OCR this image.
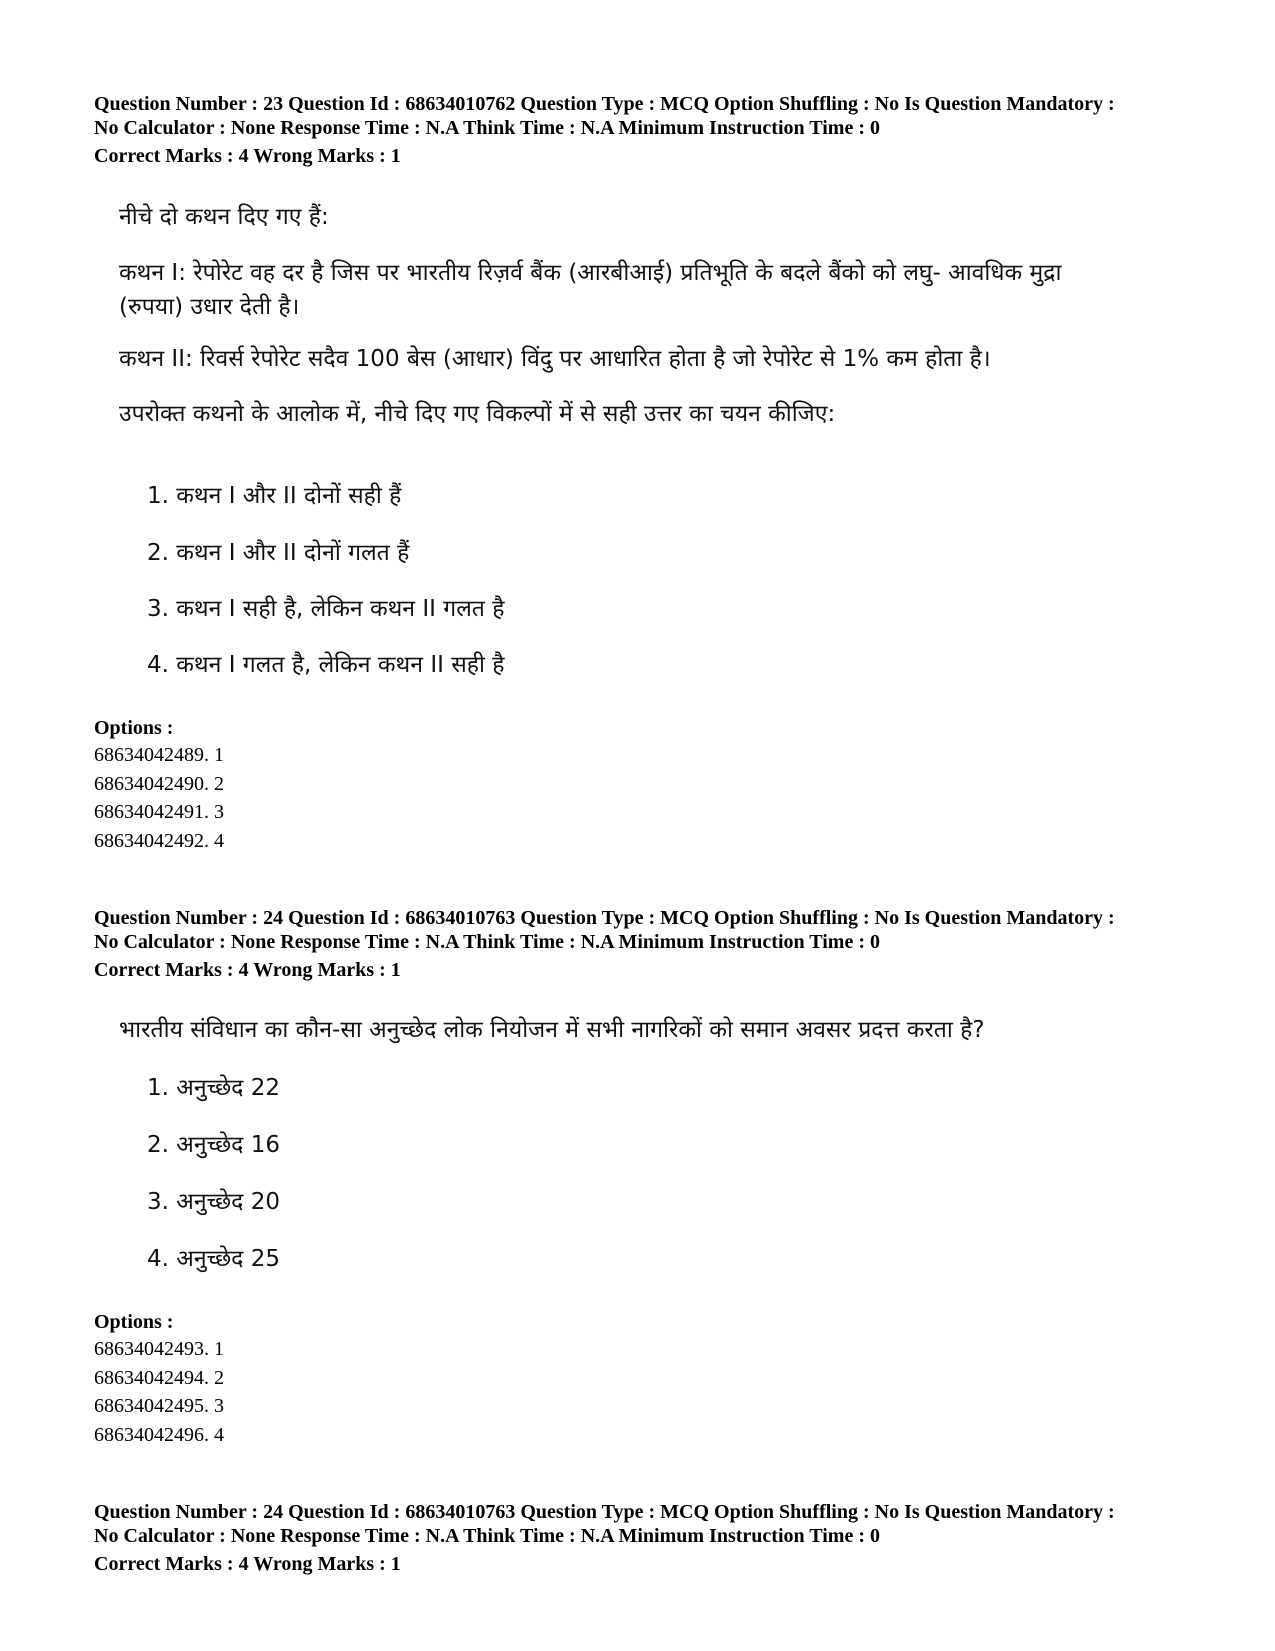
Question Number : 23 Question Id : 68634010762 Question Type : MCQ Option Shuffling : No Is Question Mandatory :
No Calculator : None Response Time : N.A Think Time : N.A Minimum Instruction Time : 0
Correct Marks : 4 Wrong Marks : 1
नीचे दो कथन दिए गए हैं:
कथन I: रेपोरेट वह दर है जिस पर भारतीय रिज़र्व बैंक (आरबीआई) प्रतिभूति के बदले बैंको को लघु- आवधिक मुद्रा (रुपया) उधार देती है।
कथन II: रिवर्स रेपोरेट सदैव 100 बेस (आधार) विंदु पर आधारित होता है जो रेपोरेट से 1% कम होता है।
उपरोक्त कथनो के आलोक में, नीचे दिए गए विकल्पों में से सही उत्तर का चयन कीजिए:
1. कथन I और II दोनों सही हैं
2. कथन I और II दोनों गलत हैं
3. कथन I सही है, लेकिन कथन II गलत है
4. कथन I गलत है, लेकिन कथन II सही है
Options :
68634042489. 1
68634042490. 2
68634042491. 3
68634042492. 4
Question Number : 24 Question Id : 68634010763 Question Type : MCQ Option Shuffling : No Is Question Mandatory :
No Calculator : None Response Time : N.A Think Time : N.A Minimum Instruction Time : 0
Correct Marks : 4 Wrong Marks : 1
भारतीय संविधान का कौन-सा अनुच्छेद लोक नियोजन में सभी नागरिकों को समान अवसर प्रदत्त करता है?
1. अनुच्छेद 22
2. अनुच्छेद 16
3. अनुच्छेद 20
4. अनुच्छेद 25
Options :
68634042493. 1
68634042494. 2
68634042495. 3
68634042496. 4
Question Number : 24 Question Id : 68634010763 Question Type : MCQ Option Shuffling : No Is Question Mandatory :
No Calculator : None Response Time : N.A Think Time : N.A Minimum Instruction Time : 0
Correct Marks : 4 Wrong Marks : 1
